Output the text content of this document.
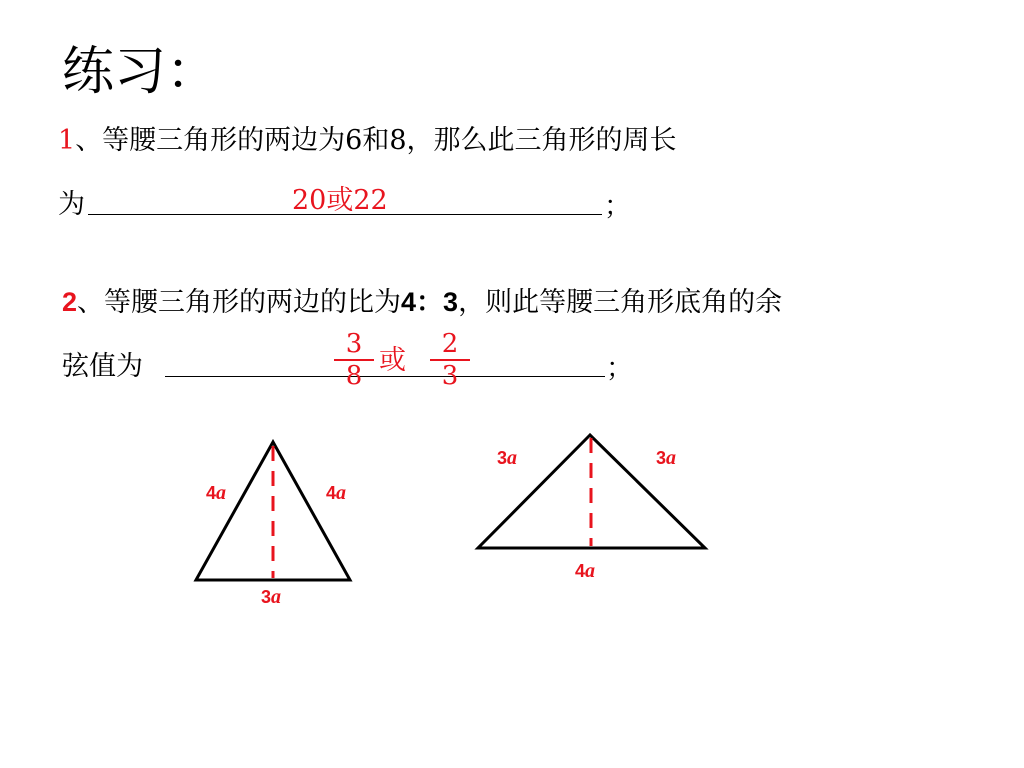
练习：
1、等腰三角形的两边为6和8，那么此三角形的周长
为	20或22	；
2、等腰三角形的两边的比为4：3，则此等腰三角形底角的余
弦值为
3
8 或
2
3	；
4a	4a
3a
3a	3a
4a
